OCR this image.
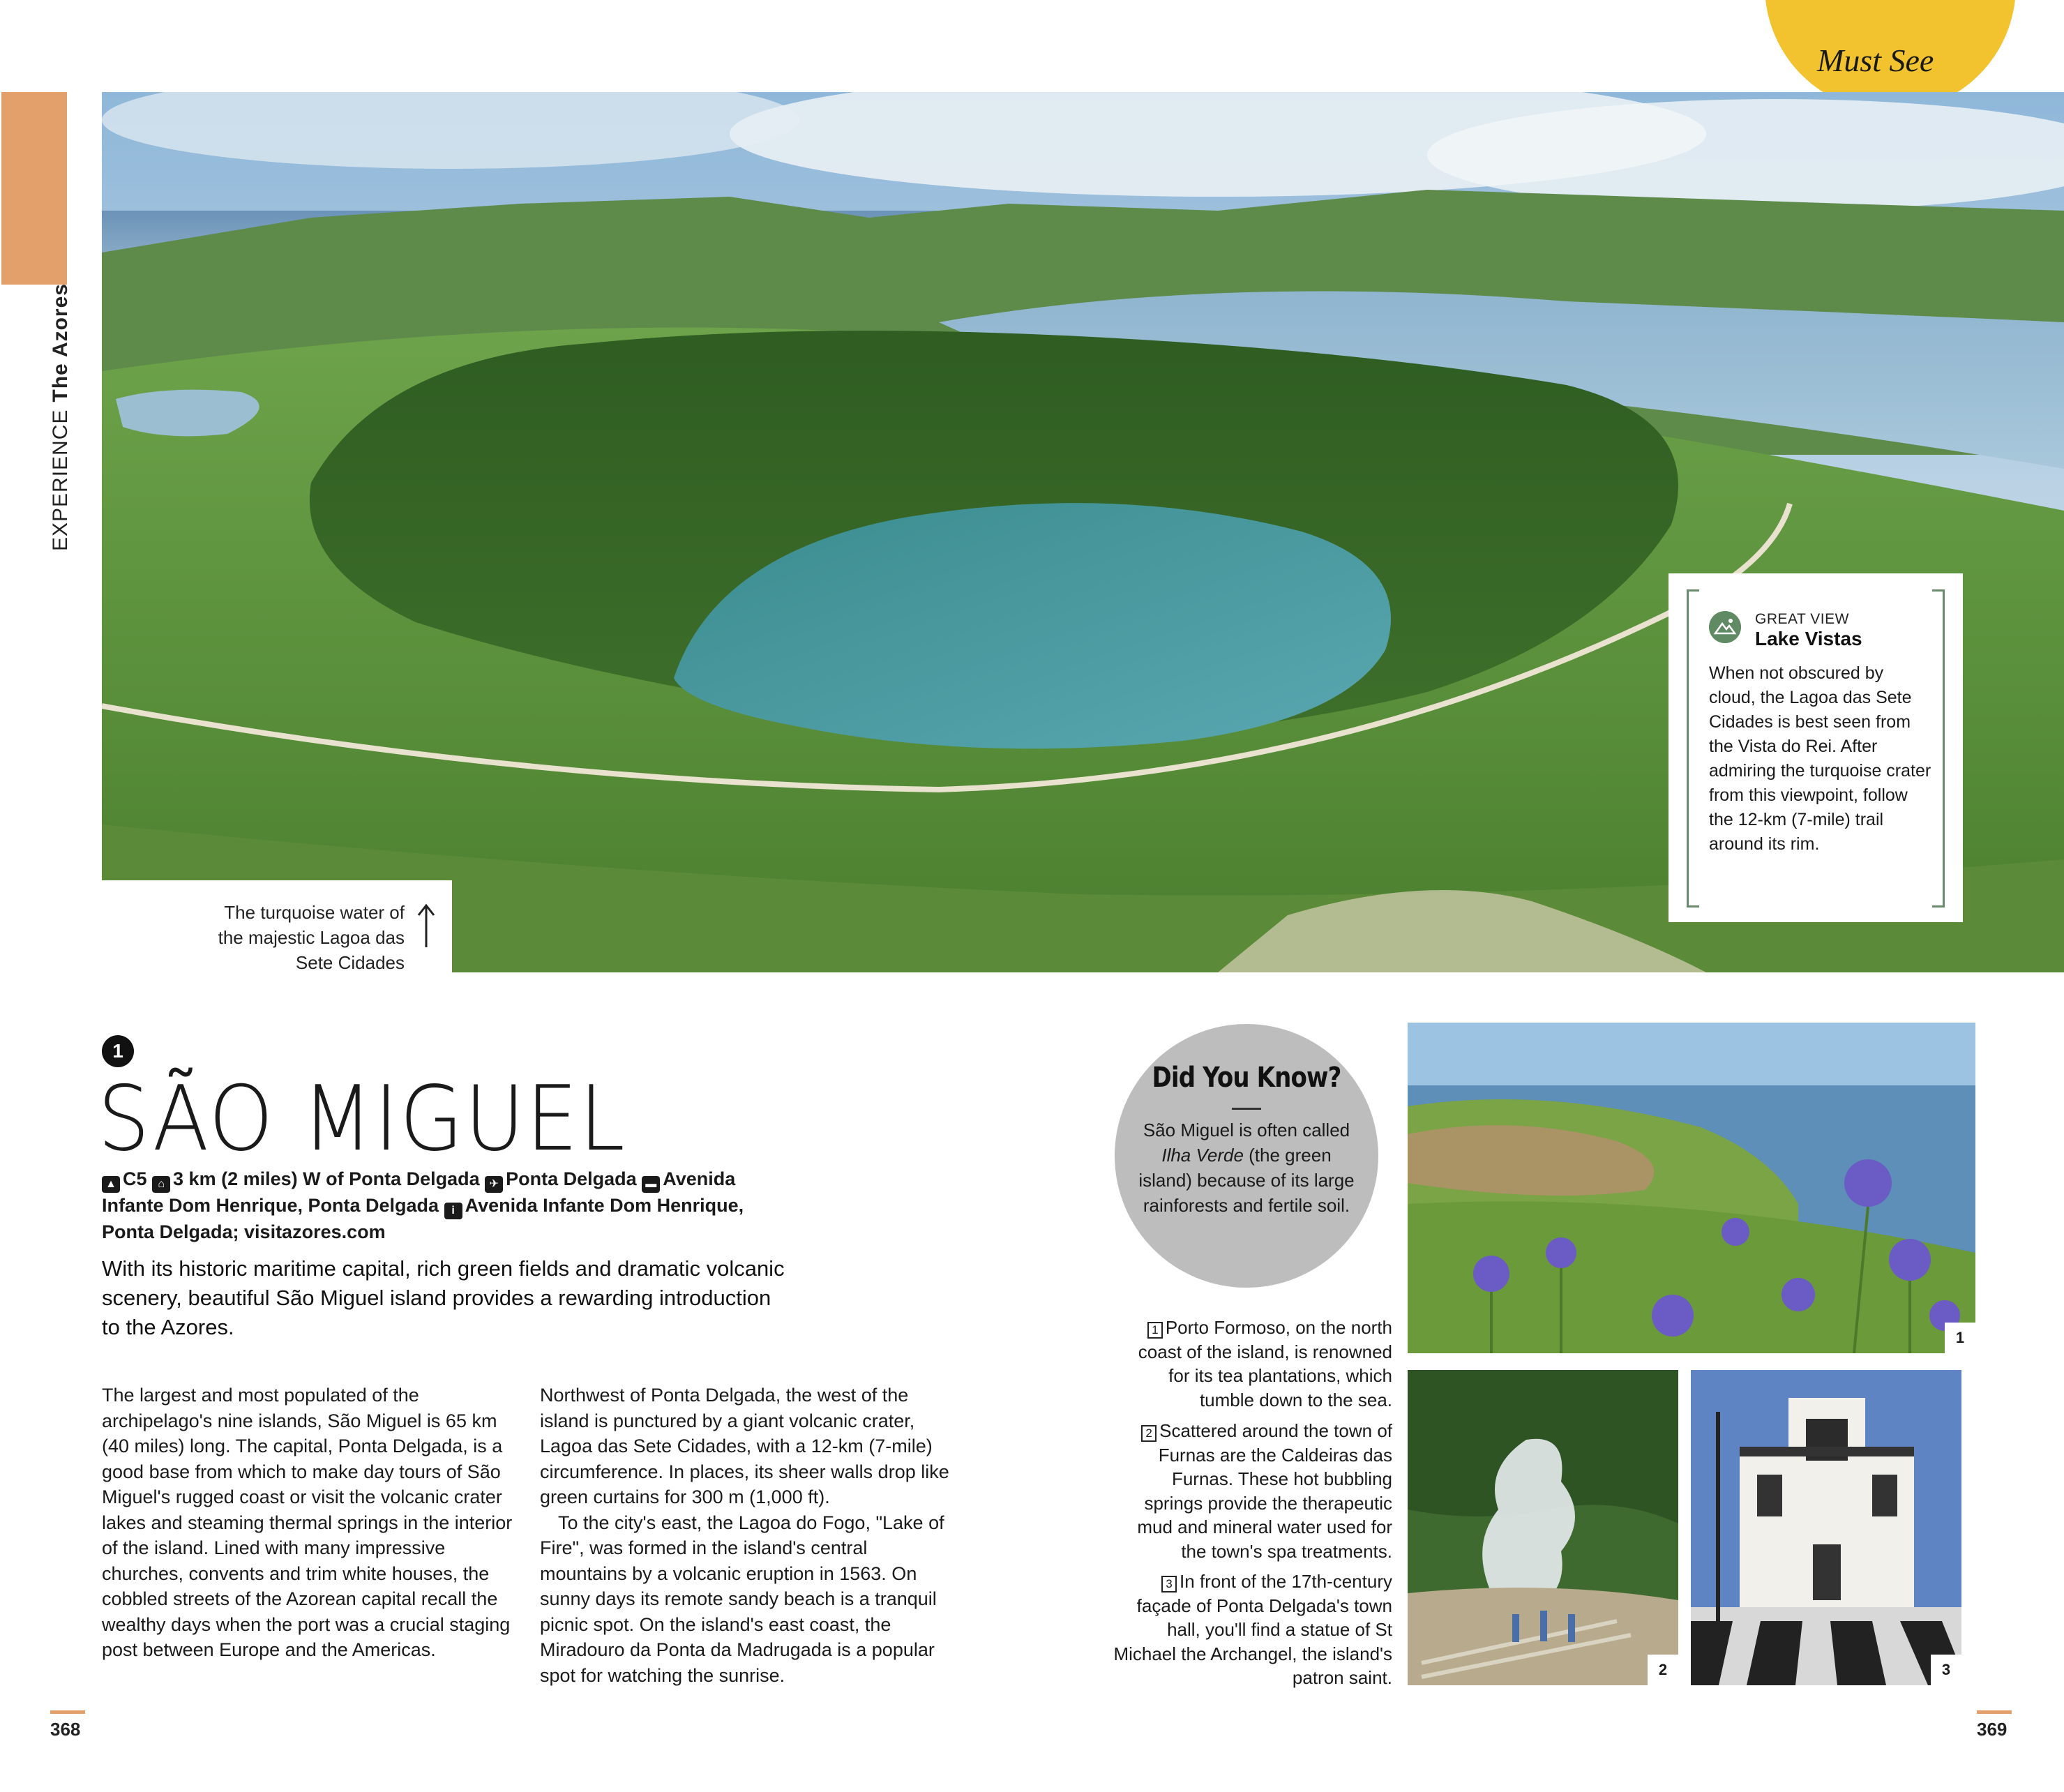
EXPERIENCEThe Azores
Must See
The turquoise water of the majestic Lagoa das Sete Cidades
GREAT VIEW
Lake Vistas
When not obscured by cloud, the Lagoa das Sete Cidades is best seen from the Vista do Rei. After admiring the turquoise crater from this viewpoint, follow the 12-km (7-mile) trail around its rim.
1
SÃO MIGUEL
▲ C5 ⌂ 3 km (2 miles) W of Ponta Delgada ✈ Ponta Delgada ▬ Avenida Infante Dom Henrique, Ponta Delgada i Avenida Infante Dom Henrique, Ponta Delgada; visitazores.com
With its historic maritime capital, rich green fields and dramatic volcanic scenery, beautiful São Miguel island provides a rewarding introduction to the Azores.

The largest and most populated of the archipelago's nine islands, São Miguel is 65 km (40 miles) long. The capital, Ponta Delgada, is a good base from which to make day tours of São Miguel's rugged coast or visit the volcanic crater lakes and steaming thermal springs in the interior of the island. Lined with many impressive churches, convents and trim white houses, the cobbled streets of the Azorean capital recall the wealthy days when the port was a crucial staging post between Europe and the Americas.

Northwest of Ponta Delgada, the west of the island is punctured by a giant volcanic crater, Lagoa das Sete Cidades, with a 12-km (7-mile) circumference. In places, its sheer walls drop like green curtains for 300 m (1,000 ft).

To the city's east, the Lagoa do Fogo, "Lake of Fire", was formed in the island's central mountains by a volcanic eruption in 1563. On sunny days its remote sandy beach is a tranquil picnic spot. On the island's east coast, the Miradouro da Ponta da Madrugada is a popular spot for watching the sunrise.

Did You Know?
São Miguel is often called Ilha Verde (the green island) because of its large rainforests and fertile soil.
1 Porto Formoso, on the north coast of the island, is renowned for its tea plantations, which tumble down to the sea.
2 Scattered around the town of Furnas are the Caldeiras das Furnas. These hot bubbling springs provide the therapeutic mud and mineral water used for the town's spa treatments.
3 In front of the 17th-century façade of Ponta Delgada's town hall, you'll find a statue of St Michael the Archangel, the island's patron saint.
1
2	3
368	369
